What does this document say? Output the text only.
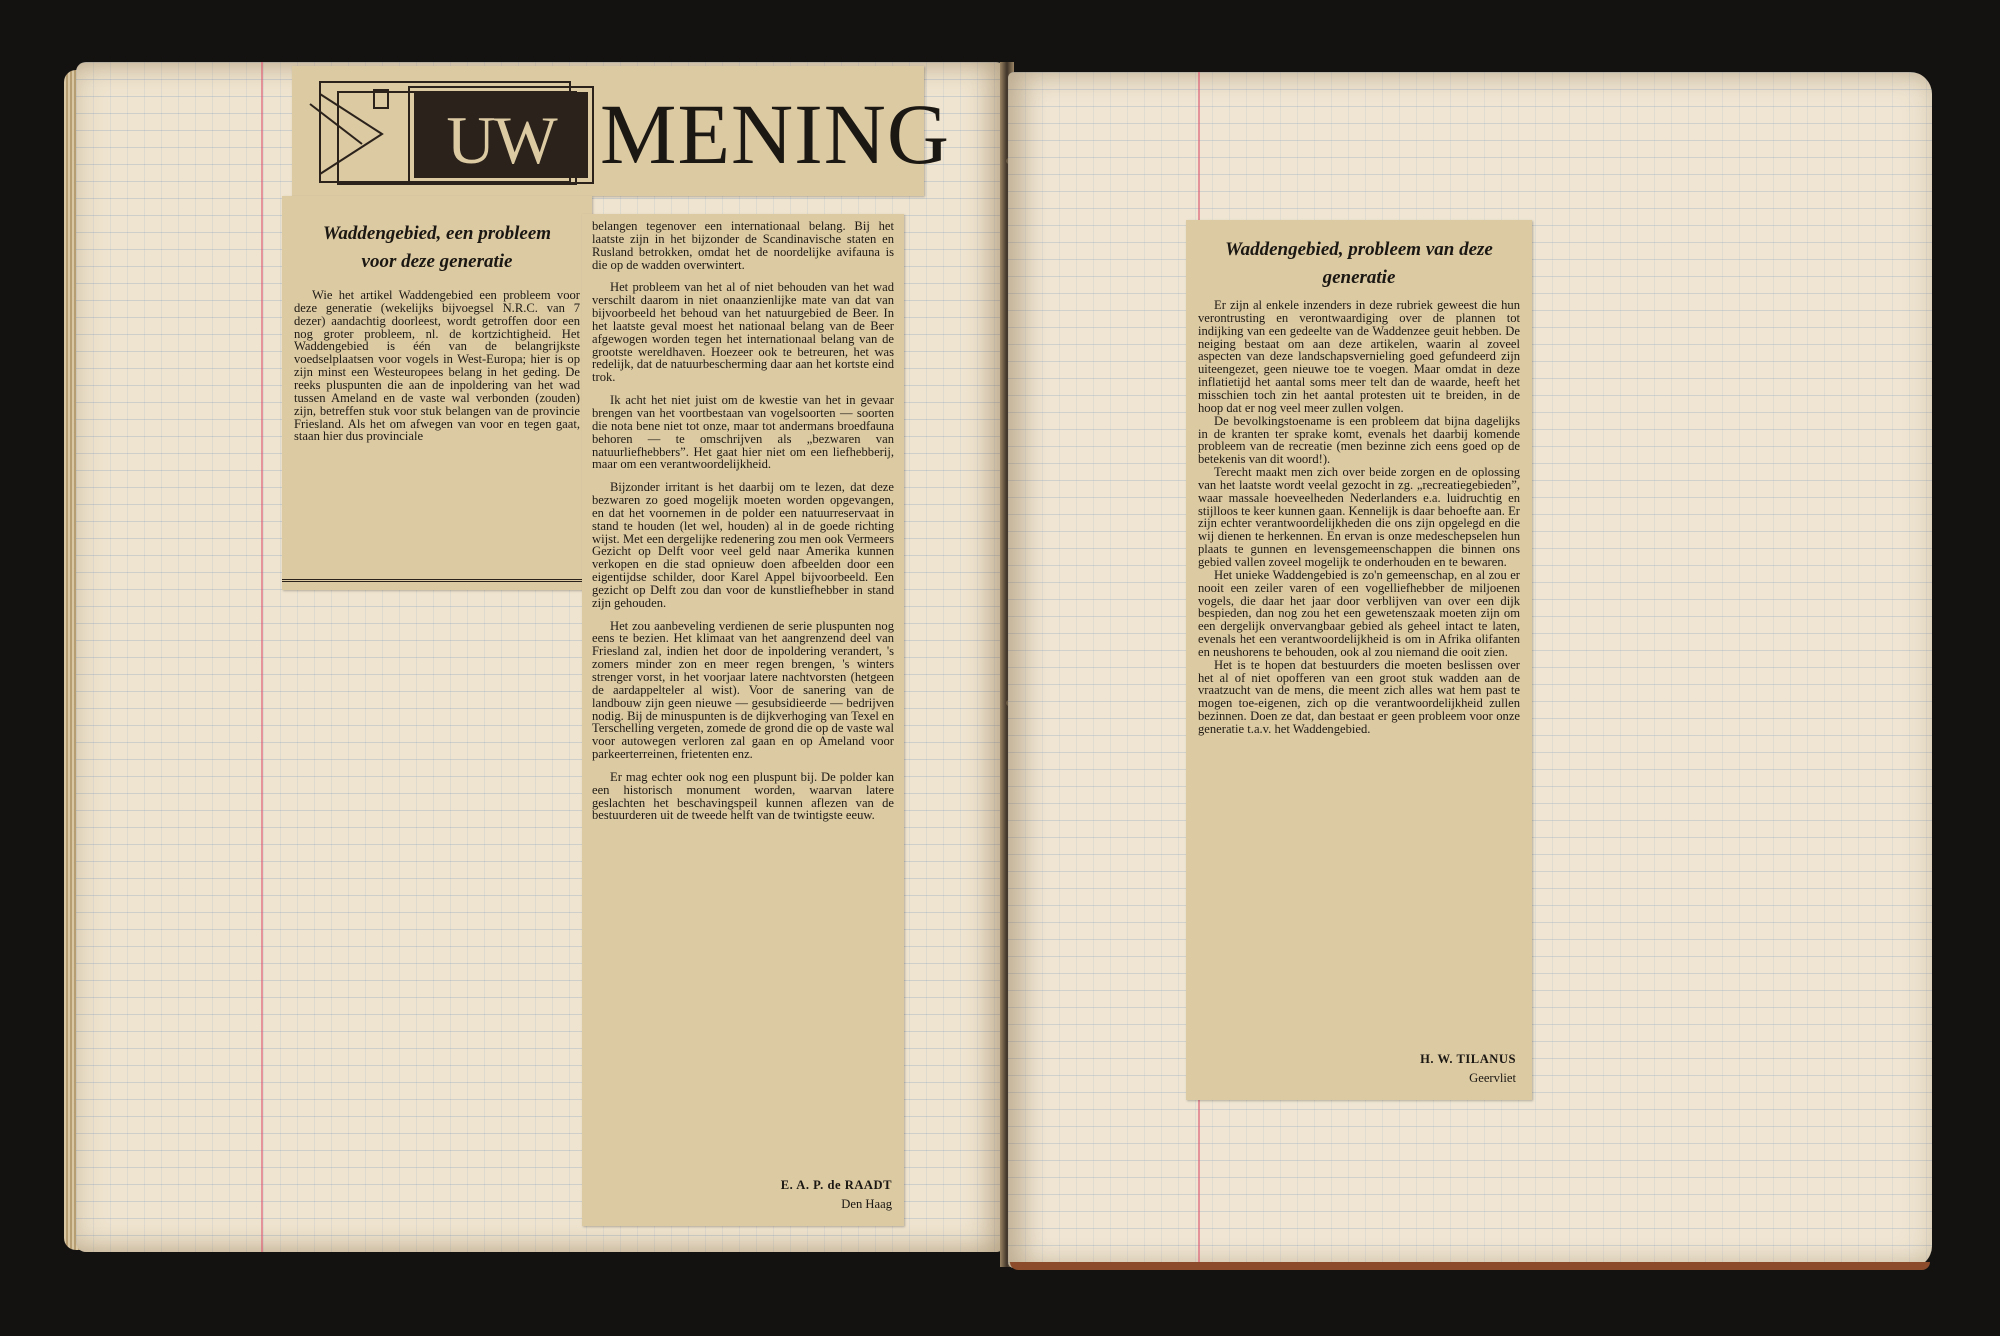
UW MENING
Waddengebied, een probleem voor deze generatie
Wie het artikel Waddengebied een probleem voor deze generatie (wekelijks bijvoegsel N.R.C. van 7 dezer) aandachtig doorleest, wordt getroffen door een nog groter probleem, nl. de kortzichtigheid. Het Waddengebied is één van de belangrijkste voedselplaatsen voor vogels in West-Europa; hier is op zijn minst een Westeuropees belang in het geding. De reeks pluspunten die aan de inpoldering van het wad tussen Ameland en de vaste wal verbonden (zouden) zijn, betreffen stuk voor stuk belangen van de provincie Friesland. Als het om afwegen van voor en tegen gaat, staan hier dus provinciale

belangen tegenover een internationaal belang. Bij het laatste zijn in het bijzonder de Scandinavische staten en Rusland betrokken, omdat het de noordelijke avifauna is die op de wadden overwintert.

Het probleem van het al of niet behouden van het wad verschilt daarom in niet onaanzienlijke mate van dat van bijvoorbeeld het behoud van het natuurgebied de Beer. In het laatste geval moest het nationaal belang van de Beer afgewogen worden tegen het internationaal belang van de grootste wereldhaven. Hoezeer ook te betreuren, het was redelijk, dat de natuurbescherming daar aan het kortste eind trok.

Ik acht het niet juist om de kwestie van het in gevaar brengen van het voortbestaan van vogelsoorten — soorten die nota bene niet tot onze, maar tot andermans broedfauna behoren — te omschrijven als „bezwaren van natuurliefhebbers”. Het gaat hier niet om een liefhebberij, maar om een verantwoordelijkheid.

Bijzonder irritant is het daarbij om te lezen, dat deze bezwaren zo goed mogelijk moeten worden opgevangen, en dat het voornemen in de polder een natuurreservaat in stand te houden (let wel, houden) al in de goede richting wijst. Met een dergelijke redenering zou men ook Vermeers Gezicht op Delft voor veel geld naar Amerika kunnen verkopen en die stad opnieuw doen afbeelden door een eigentijdse schilder, door Karel Appel bijvoorbeeld. Een gezicht op Delft zou dan voor de kunstliefhebber in stand zijn gehouden.

Het zou aanbeveling verdienen de serie pluspunten nog eens te bezien. Het klimaat van het aangrenzend deel van Friesland zal, indien het door de inpoldering verandert, 's zomers minder zon en meer regen brengen, 's winters strenger vorst, in het voorjaar latere nachtvorsten (hetgeen de aardappelteler al wist). Voor de sanering van de landbouw zijn geen nieuwe — gesubsidieerde — bedrijven nodig. Bij de minuspunten is de dijkverhoging van Texel en Terschelling vergeten, zomede de grond die op de vaste wal voor autowegen verloren zal gaan en op Ameland voor parkeerterreinen, frietenten enz.

Er mag echter ook nog een pluspunt bij. De polder kan een historisch monument worden, waarvan latere geslachten het beschavingspeil kunnen aflezen van de bestuurderen uit de tweede helft van de twintigste eeuw.

E. A. P. de RAADT
Den Haag
Waddengebied, probleem van deze generatie

Er zijn al enkele inzenders in deze rubriek geweest die hun verontrusting en verontwaardiging over de plannen tot indijking van een gedeelte van de Waddenzee geuit hebben. De neiging bestaat om aan deze artikelen, waarin al zoveel aspecten van deze landschapsvernieling goed gefundeerd zijn uiteengezet, geen nieuwe toe te voegen. Maar omdat in deze inflatietijd het aantal soms meer telt dan de waarde, heeft het misschien toch zin het aantal protesten uit te breiden, in de hoop dat er nog veel meer zullen volgen.

De bevolkingstoename is een probleem dat bijna dagelijks in de kranten ter sprake komt, evenals het daarbij komende probleem van de recreatie (men bezinne zich eens goed op de betekenis van dit woord!).

Terecht maakt men zich over beide zorgen en de oplossing van het laatste wordt veelal gezocht in zg. „recreatiegebieden”, waar massale hoeveelheden Nederlanders e.a. luidruchtig en stijlloos te keer kunnen gaan. Kennelijk is daar behoefte aan. Er zijn echter verantwoordelijkheden die ons zijn opgelegd en die wij dienen te herkennen. En ervan is onze medeschepselen hun plaats te gunnen en levensgemeenschappen die binnen ons gebied vallen zoveel mogelijk te onderhouden en te bewaren.

Het unieke Waddengebied is zo'n gemeenschap, en al zou er nooit een zeiler varen of een vogelliefhebber de miljoenen vogels, die daar het jaar door verblijven van over een dijk bespieden, dan nog zou het een gewetenszaak moeten zijn om een dergelijk onvervangbaar gebied als geheel intact te laten, evenals het een verantwoordelijkheid is om in Afrika olifanten en neushorens te behouden, ook al zou niemand die ooit zien.

Het is te hopen dat bestuurders die moeten beslissen over het al of niet opofferen van een groot stuk wadden aan de vraatzucht van de mens, die meent zich alles wat hem past te mogen toe-eigenen, zich op die verantwoordelijkheid zullen bezinnen. Doen ze dat, dan bestaat er geen probleem voor onze generatie t.a.v. het Waddengebied.

H. W. TILANUS
Geervliet
